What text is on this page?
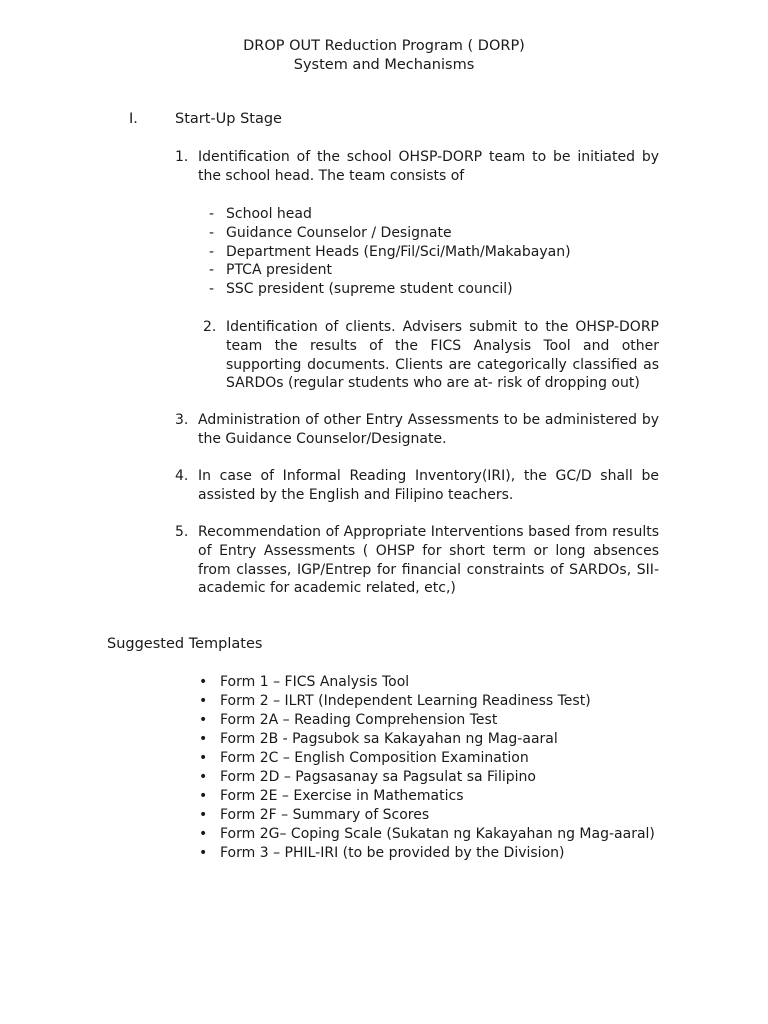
DROP OUT Reduction Program ( DORP)
System and Mechanisms
I.	Start-Up Stage
1. Identification of the school OHSP-DORP team to be initiated by the school head. The team consists of
- School head
- Guidance Counselor / Designate
- Department Heads (Eng/Fil/Sci/Math/Makabayan)
- PTCA president
- SSC president (supreme student council)
2. Identification of clients. Advisers submit to the OHSP-DORP team the results of the FICS Analysis Tool and other supporting documents. Clients are categorically classified as SARDOs (regular students who are at- risk of dropping out)
3. Administration of other Entry Assessments to be administered by the Guidance Counselor/Designate.
4. In case of Informal Reading Inventory(IRI), the GC/D shall be assisted by the English and Filipino teachers.
5. Recommendation of Appropriate Interventions based from results of Entry Assessments ( OHSP for short term or long absences from classes, IGP/Entrep for financial constraints of SARDOs, SII-academic for academic related, etc,)
Suggested Templates
• Form 1 – FICS Analysis Tool
• Form 2 – ILRT (Independent Learning Readiness Test)
• Form 2A – Reading Comprehension Test
• Form 2B - Pagsubok sa Kakayahan ng Mag-aaral
• Form 2C – English Composition Examination
• Form 2D – Pagsasanay sa Pagsulat sa Filipino
• Form 2E – Exercise in Mathematics
• Form 2F – Summary of Scores
• Form 2G– Coping Scale (Sukatan ng Kakayahan ng Mag-aaral)
• Form 3 – PHIL-IRI (to be provided by the Division)
